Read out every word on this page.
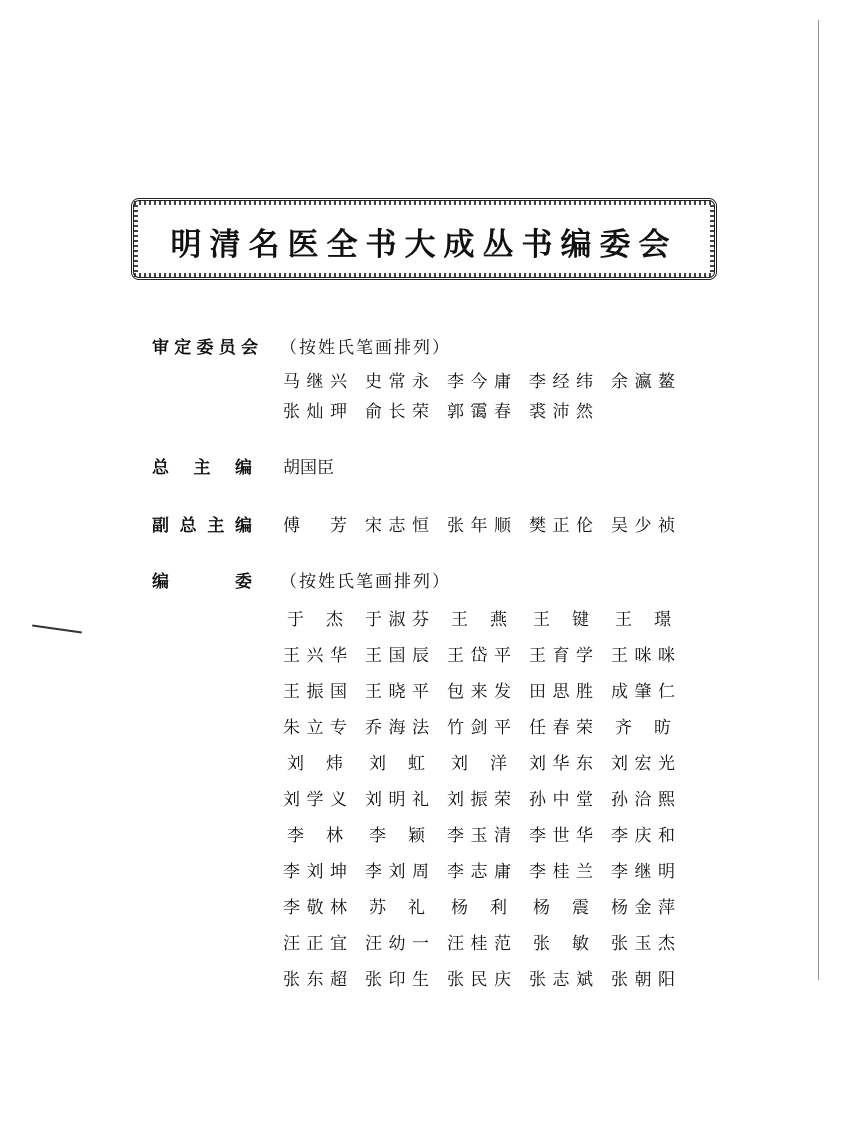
明清名医全书大成丛书编委会
审定委员会 （按姓氏笔画排列）
马继兴 史常永 李今庸 李经纬 余瀛鳌
张灿玾 俞长荣 郭霭春 裘沛然
总主编 胡国臣
副总主编 傅芳 宋志恒 张年顺 樊正伦 吴少祯
编委 （按姓氏笔画排列）
于杰 于淑芬 王燕 王键 王璟
王兴华 王国辰 王岱平 王育学 王咪咪
王振国 王晓平 包来发 田思胜 成肇仁
朱立专 乔海法 竹剑平 任春荣 齐昉
刘炜 刘虹 刘洋 刘华东 刘宏光
刘学义 刘明礼 刘振荣 孙中堂 孙洽熙
李林 李颖 李玉清 李世华 李庆和
李刘坤 李刘周 李志庸 李桂兰 李继明
李敬林 苏礼 杨利 杨震 杨金萍
汪正宜 汪幼一 汪桂范 张敏 张玉杰
张东超 张印生 张民庆 张志斌 张朝阳
